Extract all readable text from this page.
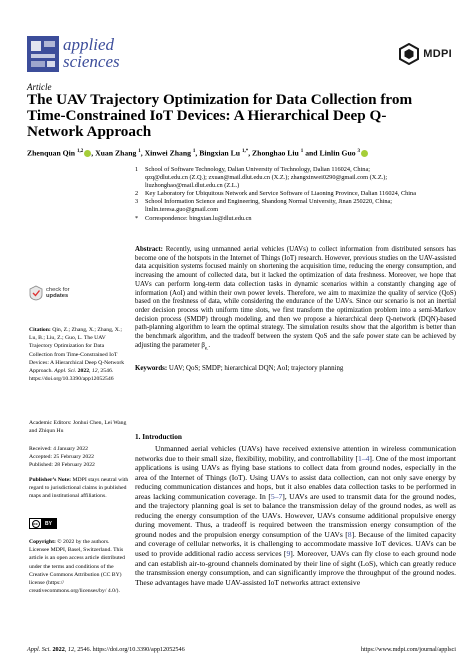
applied
sciences	MDPI
Article
The UAV Trajectory Optimization for Data Collection from Time-Constrained IoT Devices: A Hierarchical Deep Q-Network Approach
Zhenquan Qin $^{1,2}$ , Xuan Zhang $^1$, Xinwei Zhang $^1$, Bingxian Lu $^{1,*}$, Zhonghao Liu $^1$ and Linlin Guo $^3$
1	School of Software Technology, Dalian University of Technology, Dalian 116024, China;
qzq@dlut.edu.cn (Z.Q.); zxuan@mail.dlut.edu.cn (X.Z.); zhangxinwei0290@gmail.com (X.Z.);
liuzhonghao@mail.dlut.edu.cn (Z.L.)
2	Key Laboratory for Ubiquitous Network and Service Software of Liaoning Province, Dalian 116024, China
3	School Information Science and Engineering, Shandong Normal University, Jinan 250220, China;
linlin.teresa.guo@gmail.com
*	Correspondence: bingxian.lu@dlut.edu.cn
check for
updates
Citation: Qin, Z.; Zhang, X.; Zhang, X.; Lu, B.; Liu, Z.; Guo, L. The UAV Trajectory Optimization for Data Collection from Time-Constrained IoT Devices: A Hierarchical Deep Q-Network Approach. Appl. Sci. 2022, 12, 2546. https://doi.org/10.3390/app12052546
Academic Editors: Jonhui Chen, Lei Wang and Zhiqun Hu
Received: 4 January 2022
Accepted: 25 February 2022
Published: 28 February 2022
Publisher’s Note: MDPI stays neutral with regard to jurisdictional claims in published maps and institutional affiliations.
cc	BY
Copyright: © 2022 by the authors. Licensee MDPI, Basel, Switzerland. This article is an open access article distributed under the terms and conditions of the Creative Commons Attribution (CC BY) license (https:// creativecommons.org/licenses/by/ 4.0/).
Abstract: Recently, using unmanned aerial vehicles (UAVs) to collect information from distributed sensors has become one of the hotspots in the Internet of Things (IoT) research. However, previous studies on the UAV-assisted data acquisition systems focused mainly on shortening the acquisition time, reducing the energy consumption, and increasing the amount of collected data, but it lacked the optimization of data freshness. Moreover, we hope that UAVs can perform long-term data collection tasks in dynamic scenarios within a constantly changing age of information (AoI) and within their own power levels. Therefore, we aim to maximize the quality of service (QoS) based on the freshness of data, while considering the endurance of the UAVs. Since our scenario is not an inertial order decision process with uniform time slots, we first transform the optimization problem into a semi-Markov decision process (SMDP) through modeling, and then we propose a hierarchical deep Q-network (DQN)-based path-planning algorithm to learn the optimal strategy. The simulation results show that the algorithm is better than the benchmark algorithm, and the tradeoff between the system QoS and the safe power state can be achieved by adjusting the parameter $\beta_{e.}$.
Keywords: UAV; QoS; SMDP; hierarchical DQN; AoI; trajectory planning
1. Introduction
Unmanned aerial vehicles (UAVs) have received extensive attention in wireless communication networks due to their small size, flexibility, mobility, and controllability [1–4]. One of the most important applications is using UAVs as flying base stations to collect data from ground nodes, especially in the area of the Internet of Things (IoT). Using UAVs to assist data collection, can not only save energy by reducing communication distances and hops, but it also enables data collection tasks to be performed in areas lacking communication coverage. In [5–7], UAVs are used to transmit data for the ground nodes, and the trajectory planning goal is set to balance the transmission delay of the ground nodes, as well as reducing the energy consumption of the UAVs. However, UAVs consume additional propulsive energy during movement. Thus, a tradeoff is required between the transmission energy consumption of the ground nodes and the propulsion energy consumption of the UAVs [8]. Because of the limited capacity and coverage of cellular networks, it is challenging to accommodate massive IoT devices. UAVs can be used to provide additional radio access services [9]. Moreover, UAVs can fly close to each ground node and can establish air-to-ground channels dominated by their line of sight (LoS), which can greatly reduce the transmission energy consumption, and can significantly improve the throughput of the ground nodes. These advantages have made UAV-assisted IoT networks attract extensive
Appl. Sci. 2022, 12, 2546. https://doi.org/10.3390/app12052546	https://www.mdpi.com/journal/applsci
